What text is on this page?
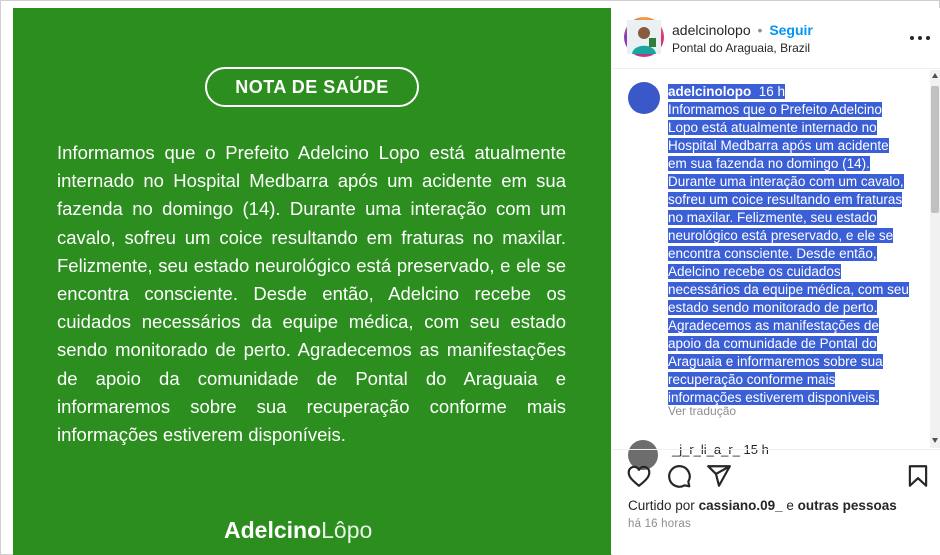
NOTA DE SAÚDE

Informamos que o Prefeito Adelcino Lopo está atualmente internado no Hospital Medbarra após um acidente em sua fazenda no domingo (14). Durante uma interação com um cavalo, sofreu um coice resultando em fraturas no maxilar. Felizmente, seu estado neurológico está preservado, e ele se encontra consciente. Desde então, Adelcino recebe os cuidados necessários da equipe médica, com seu estado sendo monitorado de perto. Agradecemos as manifestações de apoio da comunidade de Pontal do Araguaia e informaremos sobre sua recuperação conforme mais informações estiverem disponíveis.

AdelcinoLôpo
adelcinolopo • Seguir
Pontal do Araguaia, Brazil
adelcinolopo 16 h
Informamos que o Prefeito Adelcino
Lopo está atualmente internado no
Hospital Medbarra após um acidente
em sua fazenda no domingo (14).
Durante uma interação com um cavalo,
sofreu um coice resultando em fraturas
no maxilar. Felizmente, seu estado
neurológico está preservado, e ele se
encontra consciente. Desde então,
Adelcino recebe os cuidados
necessários da equipe médica, com seu
estado sendo monitorado de perto.
Agradecemos as manifestações de
apoio da comunidade de Pontal do
Araguaia e informaremos sobre sua
recuperação conforme mais
informações estiverem disponíveis.
Ver tradução
_j_r_li_a_r_ 15 h
Curtido por cassiano.09_ e outras pessoas
há 16 horas
